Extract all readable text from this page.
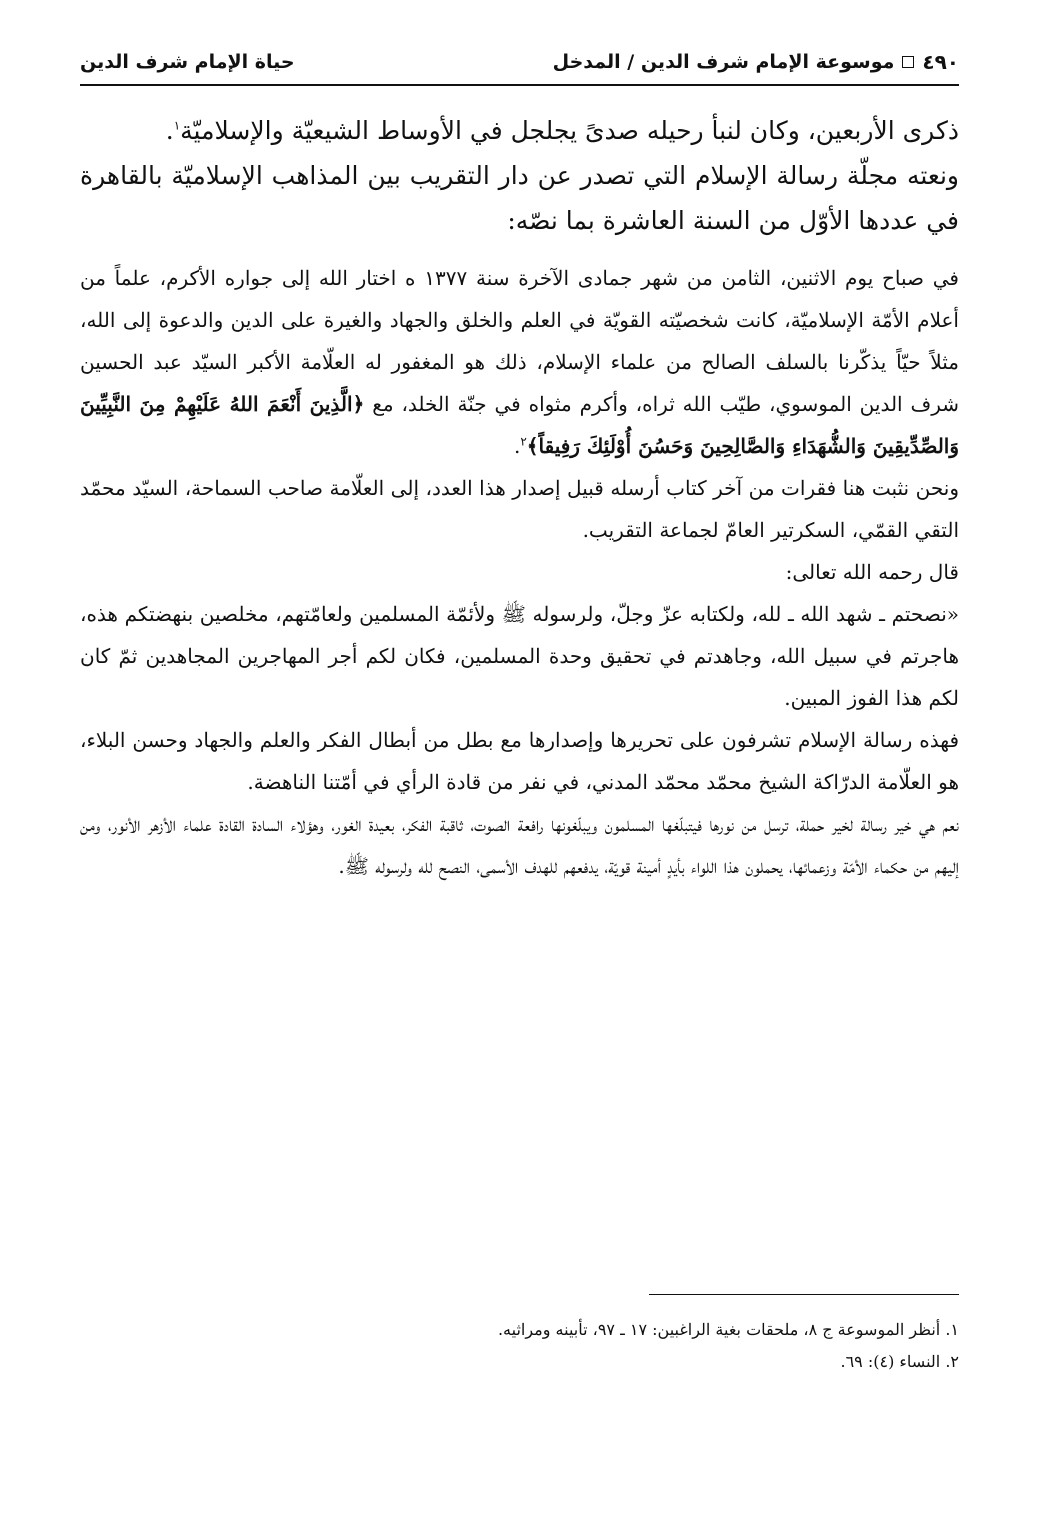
٤٩٠
موسوعة الإمام شرف الدين / المدخل
حياة الإمام شرف الدين

ذكرى الأربعين، وكان لنبأ رحيله صدىً يجلجل في الأوساط الشيعيّة والإسلاميّة$^١$.

ونعته مجلّة رسالة الإسلام التي تصدر عن دار التقريب بين المذاهب الإسلاميّة بالقاهرة في عددها الأوّل من السنة العاشرة بما نصّه:

في صباح يوم الاثنين، الثامن من شهر جمادى الآخرة سنة ١٣٧٧ ه اختار الله إلى جواره الأكرم، علماً من أعلام الأمّة الإسلاميّة، كانت شخصيّته القويّة في العلم والخلق والجهاد والغيرة على الدين والدعوة إلى الله، مثلاً حيّاً يذكّرنا بالسلف الصالح من علماء الإسلام، ذلك هو المغفور له العلّامة الأكبر السيّد عبد الحسين شرف الدين الموسوي، طيّب الله ثراه، وأكرم مثواه في جنّة الخلد، مع ﴿الَّذِينَ أَنْعَمَ اللهُ عَلَيْهِمْ مِنَ النَّبِيِّينَ وَالصِّدِّيقِينَ وَالشُّهَدَاءِ وَالصَّالِحِينَ وَحَسُنَ أُوْلَئِكَ رَفِيقاً﴾$^٢$.

ونحن نثبت هنا فقرات من آخر كتاب أرسله قبيل إصدار هذا العدد، إلى العلّامة صاحب السماحة، السيّد محمّد التقي القمّي، السكرتير العامّ لجماعة التقريب.

قال رحمه الله تعالى:

«نصحتم ـ شهد الله ـ لله، ولكتابه عزّ وجلّ، ولرسوله ﷺ ولأئمّة المسلمين ولعامّتهم، مخلصين بنهضتكم هذه، هاجرتم في سبيل الله، وجاهدتم في تحقيق وحدة المسلمين، فكان لكم أجر المهاجرين المجاهدين ثمّ كان لكم هذا الفوز المبين.

فهذه رسالة الإسلام تشرفون على تحريرها وإصدارها مع بطل من أبطال الفكر والعلم والجهاد وحسن البلاء، هو العلّامة الدرّاكة الشيخ محمّد محمّد المدني، في نفر من قادة الرأي في أمّتنا الناهضة.

نعم هي خير رسالة لخير حملة، ترسل من نورها فيتبلّغها المسلمون ويبلّغونها رافعة الصوت، ثاقبة الفكر، بعيدة الغور، وهؤلاء السادة القادة علماء الأزهر الأنور، ومن إليهم من حكماء الأمّة وزعمائها، يحملون هذا اللواء بأيدٍ أمينة قويّة، يدفعهم للهدف الأسمى، النصح لله ولرسوله ﷺ.

١. أنظر الموسوعة ج ٨، ملحقات بغية الراغبين: ١٧ ـ ٩٧، تأبينه ومراثيه.
٢. النساء (٤): ٦٩.
